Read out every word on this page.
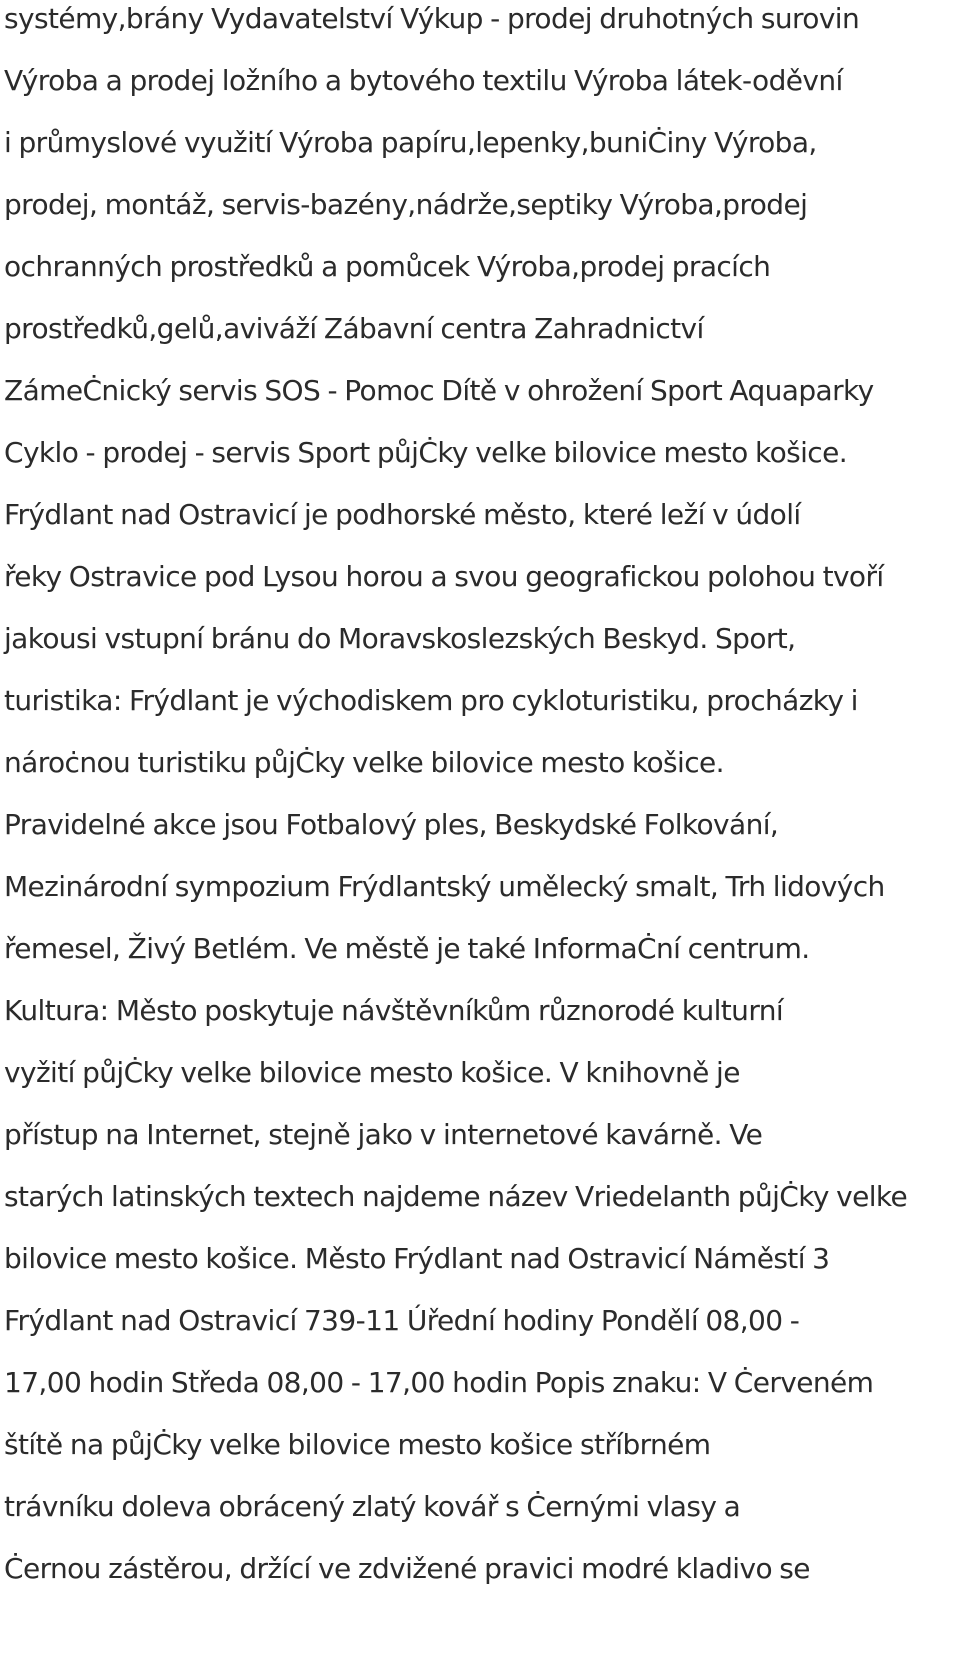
systémy,brány Vydavatelství Výkup - prodej druhotných surovin
Výroba a prodej ložního a bytového textilu Výroba látek-oděvní
i průmyslové využití Výroba papíru,lepenky,buniĊiny Výroba,
prodej, montáž, servis-bazény,nádrže,septiky Výroba,prodej
ochranných prostředků a pomůcek Výroba,prodej pracích
prostředků,gelů,aviváží Zábavní centra Zahradnictví
ZámeĊnický servis SOS - Pomoc Dítě v ohrožení Sport Aquaparky
Cyklo - prodej - servis Sport půjĊky velke bilovice mesto košice.
Frýdlant nad Ostravicí je podhorské město, které leží v údolí
řeky Ostravice pod Lysou horou a svou geografickou polohou tvoří
jakousi vstupní bránu do Moravskoslezských Beskyd. Sport,
turistika: Frýdlant je východiskem pro cykloturistiku, procházky i
nároċnou turistiku půjĊky velke bilovice mesto košice.
Pravidelné akce jsou Fotbalový ples, Beskydské Folkování,
Mezinárodní sympozium Frýdlantský umělecký smalt, Trh lidových
řemesel, Živý Betlém. Ve městě je také InformaĊní centrum.
Kultura: Město poskytuje návštěvníkům různorodé kulturní
vyžití půjĊky velke bilovice mesto košice. V knihovně je
přístup na Internet, stejně jako v internetové kavárně. Ve
starých latinských textech najdeme název Vriedelanth půjĊky velke
bilovice mesto košice. Město Frýdlant nad Ostravicí Náměstí 3
Frýdlant nad Ostravicí 739-11 Úřední hodiny Pondělí 08,00 -
17,00 hodin Středa 08,00 - 17,00 hodin Popis znaku: V Ċerveném
štítě na půjĊky velke bilovice mesto košice stříbrném
trávníku doleva obrácený zlatý kovář s Ċernými vlasy a
Ċernou zástěrou, držící ve zdvižené pravici modré kladivo se
